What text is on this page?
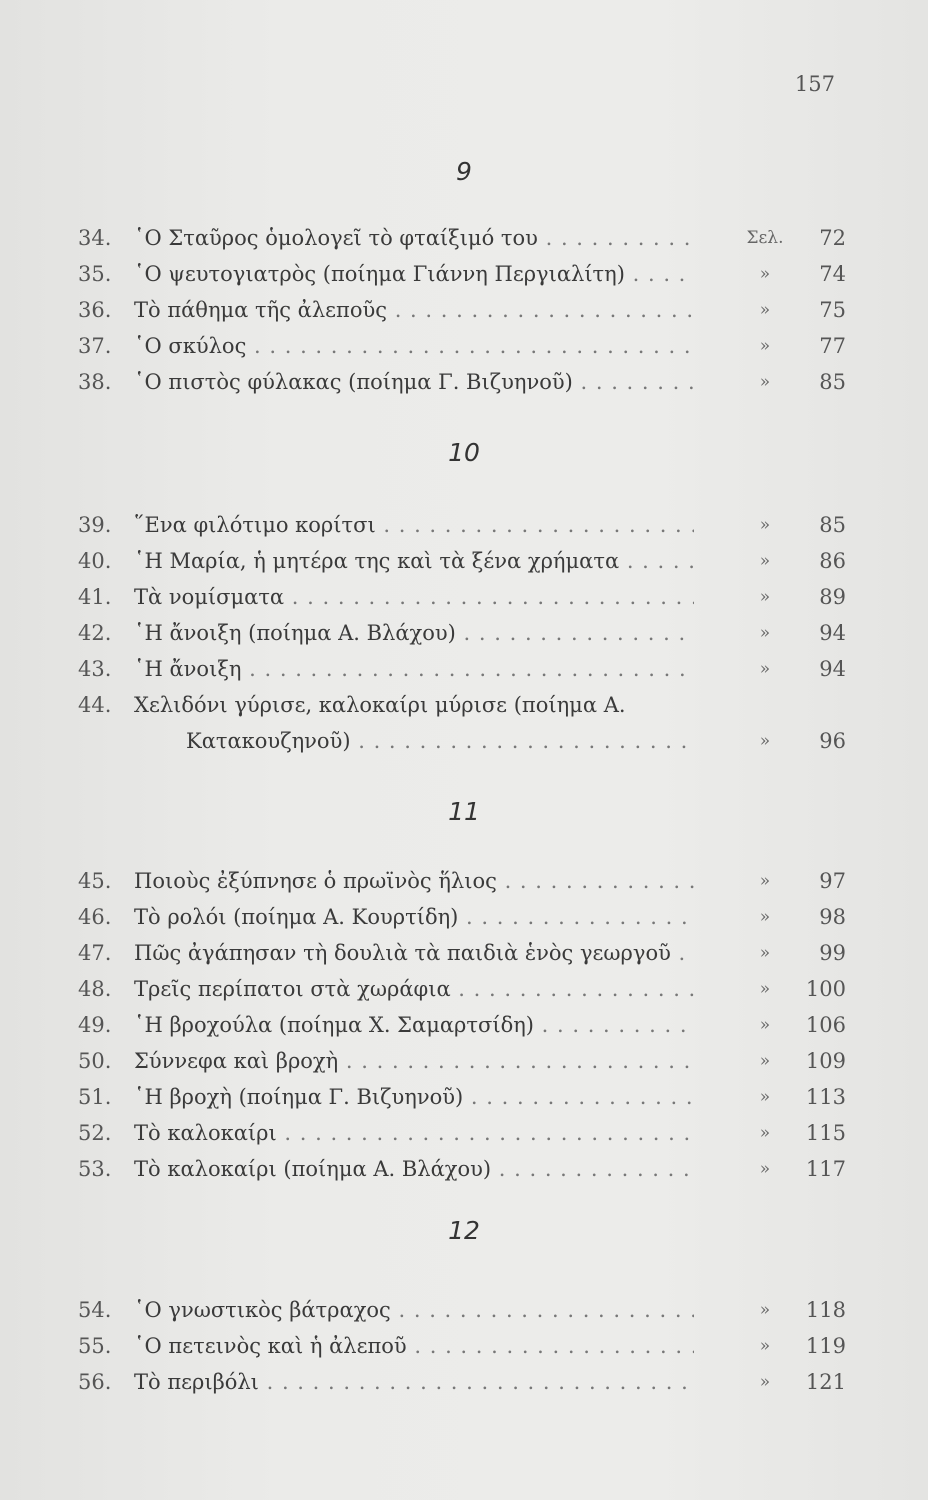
157
9
34.	῾Ο Σταῦρος ὁμολογεῖ τὸ φταίξιμό του . . .	Σελ.	72
35.	῾Ο ψευτογιατρὸς (ποίημα Γιάννη Περγιαλίτη) . . .	»	74
36.	Τὸ πάθημα τῆς ἀλεποῦς . . .	»	75
37.	῾Ο σκύλος . . .	»	77
38.	῾Ο πιστὸς φύλακας (ποίημα Γ. Βιζυηνοῦ) . . .	»	85
10
39.	῞Ενα φιλότιμο κορίτσι . . .	»	85
40.	῾Η Μαρία, ἡ μητέρα της καὶ τὰ ξένα χρήματα . . .	»	86
41.	Τὰ νομίσματα . . .	»	89
42.	῾Η ἄνοιξη (ποίημα Α. Βλάχου) . . .	»	94
43.	῾Η ἄνοιξη . . .	»	94
44.	Χελιδόνι γύρισε, καλοκαίρι μύρισε (ποίημα Α.
Κατακουζηνοῦ) . . .	»	96
11
45.	Ποιοὺς ἐξύπνησε ὁ πρωϊνὸς ἥλιος . . .	»	97
46.	Τὸ ρολόι (ποίημα Α. Κουρτίδη) . . .	»	98
47.	Πῶς ἀγάπησαν τὴ δουλιὰ τὰ παιδιὰ ἑνὸς γεωργοῦ . . .	»	99
48.	Τρεῖς περίπατοι στὰ χωράφια . . .	»	100
49.	῾Η βροχούλα (ποίημα Χ. Σαμαρτσίδη) . . .	»	106
50.	Σύννεφα καὶ βροχὴ . . .	»	109
51.	῾Η βροχὴ (ποίημα Γ. Βιζυηνοῦ) . . .	»	113
52.	Τὸ καλοκαίρι . . .	»	115
53.	Τὸ καλοκαίρι (ποίημα Α. Βλάχου) . . .	»	117
12
54.	῾Ο γνωστικὸς βάτραχος . . .	»	118
55.	῾Ο πετεινὸς καὶ ἡ ἀλεποῦ . . .	»	119
56.	Τὸ περιβόλι . . .	»	121
